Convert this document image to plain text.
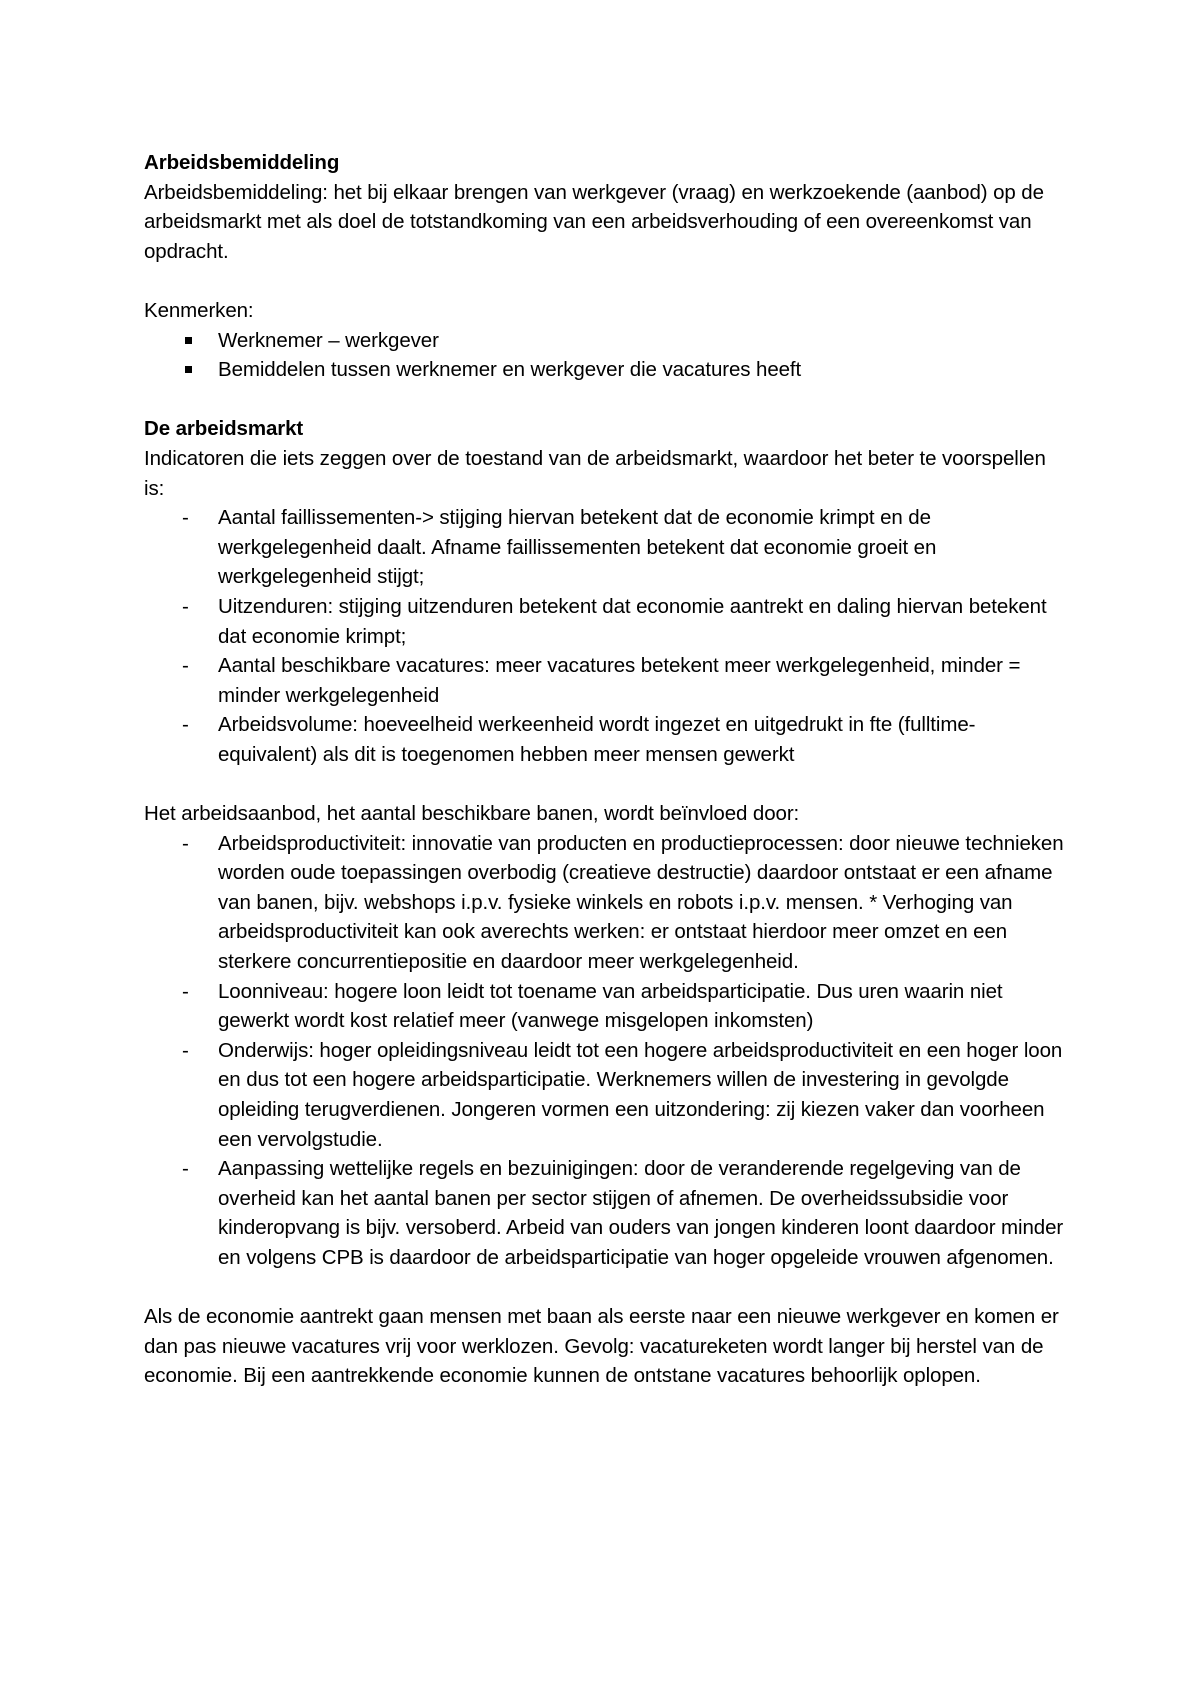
Arbeidsbemiddeling

Arbeidsbemiddeling: het bij elkaar brengen van werkgever (vraag) en werkzoekende (aanbod) op de arbeidsmarkt met als doel de totstandkoming van een arbeidsverhouding of een overeenkomst van opdracht.

Kenmerken:

Werknemer – werkgever
Bemiddelen tussen werknemer en werkgever die vacatures heeft

De arbeidsmarkt

Indicatoren die iets zeggen over de toestand van de arbeidsmarkt, waardoor het beter te voorspellen is:

- Aantal faillissementen-> stijging hiervan betekent dat de economie krimpt en de werkgelegenheid daalt. Afname faillissementen betekent dat economie groeit en werkgelegenheid stijgt;
- Uitzenduren: stijging uitzenduren betekent dat economie aantrekt en daling hiervan betekent dat economie krimpt;
- Aantal beschikbare vacatures: meer vacatures betekent meer werkgelegenheid, minder = minder werkgelegenheid
- Arbeidsvolume: hoeveelheid werkeenheid wordt ingezet en uitgedrukt in fte (fulltime-equivalent) als dit is toegenomen hebben meer mensen gewerkt

Het arbeidsaanbod, het aantal beschikbare banen, wordt beïnvloed door:

- Arbeidsproductiviteit: innovatie van producten en productieprocessen: door nieuwe technieken worden oude toepassingen overbodig (creatieve destructie) daardoor ontstaat er een afname van banen, bijv. webshops i.p.v. fysieke winkels en robots i.p.v. mensen. * Verhoging van arbeidsproductiviteit kan ook averechts werken: er ontstaat hierdoor meer omzet en een sterkere concurrentiepositie en daardoor meer werkgelegenheid.
- Loonniveau: hogere loon leidt tot toename van arbeidsparticipatie. Dus uren waarin niet gewerkt wordt kost relatief meer (vanwege misgelopen inkomsten)
- Onderwijs: hoger opleidingsniveau leidt tot een hogere arbeidsproductiviteit en een hoger loon en dus tot een hogere arbeidsparticipatie. Werknemers willen de investering in gevolgde opleiding terugverdienen. Jongeren vormen een uitzondering: zij kiezen vaker dan voorheen een vervolgstudie.
- Aanpassing wettelijke regels en bezuinigingen: door de veranderende regelgeving van de overheid kan het aantal banen per sector stijgen of afnemen. De overheidssubsidie voor kinderopvang is bijv. versoberd. Arbeid van ouders van jongen kinderen loont daardoor minder en volgens CPB is daardoor de arbeidsparticipatie van hoger opgeleide vrouwen afgenomen.

Als de economie aantrekt gaan mensen met baan als eerste naar een nieuwe werkgever en komen er dan pas nieuwe vacatures vrij voor werklozen. Gevolg: vacatureketen wordt langer bij herstel van de economie. Bij een aantrekkende economie kunnen de ontstane vacatures behoorlijk oplopen.
